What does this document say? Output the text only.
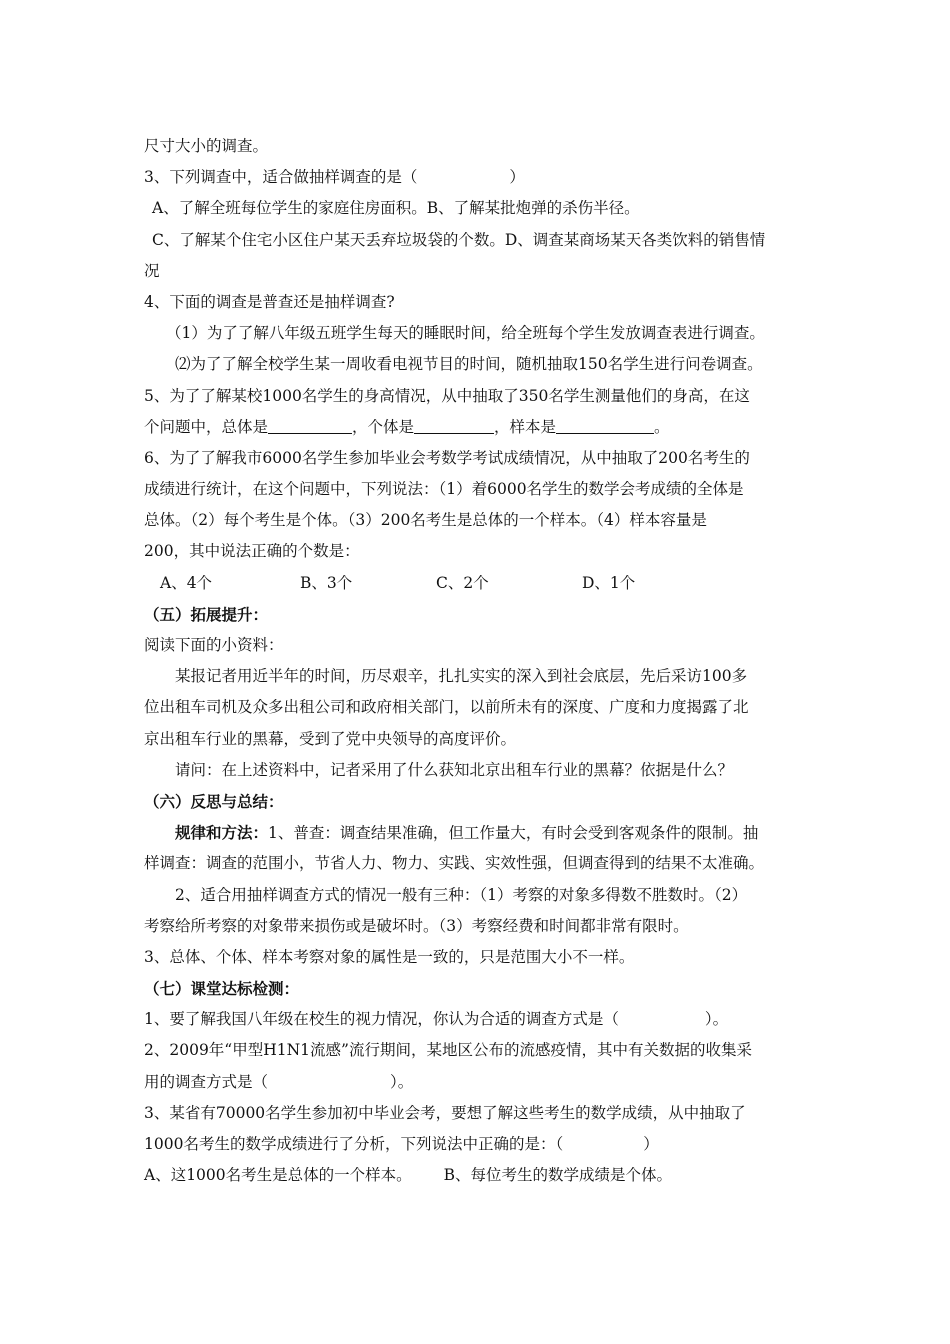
尺寸大小的调查。
3、下列调查中，适合做抽样调查的是（	）
A、了解全班每位学生的家庭住房面积。B、了解某批炮弹的杀伤半径。
C、了解某个住宅小区住户某天丢弃垃圾袋的个数。D、调查某商场某天各类饮料的销售情
况
4、下面的调查是普查还是抽样调查?
（1）为了了解八年级五班学生每天的睡眠时间，给全班每个学生发放调查表进行调查。
⑵为了了解全校学生某一周收看电视节目的时间，随机抽取150名学生进行问卷调查。
5、为了了解某校1000名学生的身高情况，从中抽取了350名学生测量他们的身高，在这
个问题中，总体是	，个体是	，样本是	。
6、为了了解我市6000名学生参加毕业会考数学考试成绩情况，从中抽取了200名考生的
成绩进行统计，在这个问题中，下列说法：（1）着6000名学生的数学会考成绩的全体是
总体。（2）每个考生是个体。（3）200名考生是总体的一个样本。（4）样本容量是
200，其中说法正确的个数是：
A、4个	B、3个	C、2个	D、1个
（五）拓展提升：
阅读下面的小资料：
某报记者用近半年的时间，历尽艰辛，扎扎实实的深入到社会底层，先后采访100多
位出租车司机及众多出租公司和政府相关部门，以前所未有的深度、广度和力度揭露了北
京出租车行业的黑幕，受到了党中央领导的高度评价。
请问：在上述资料中，记者采用了什么获知北京出租车行业的黑幕？依据是什么？
（六）反思与总结：
规律和方法：1、普查：调查结果准确，但工作量大，有时会受到客观条件的限制。抽
样调查：调查的范围小，节省人力、物力、实践、实效性强，但调查得到的结果不太准确。
2、适合用抽样调查方式的情况一般有三种：（1）考察的对象多得数不胜数时。（2）
考察给所考察的对象带来损伤或是破坏时。（3）考察经费和时间都非常有限时。
3、总体、个体、样本考察对象的属性是一致的，只是范围大小不一样。
（七）课堂达标检测：
1、要了解我国八年级在校生的视力情况，你认为合适的调查方式是（	）。
2、2009年“甲型H1N1流感”流行期间，某地区公布的流感疫情，其中有关数据的收集采
用的调查方式是（	）。
3、某省有70000名学生参加初中毕业会考，要想了解这些考生的数学成绩，从中抽取了
1000名考生的数学成绩进行了分析，下列说法中正确的是：（	）
A、这1000名考生是总体的一个样本。 B、每位考生的数学成绩是个体。
